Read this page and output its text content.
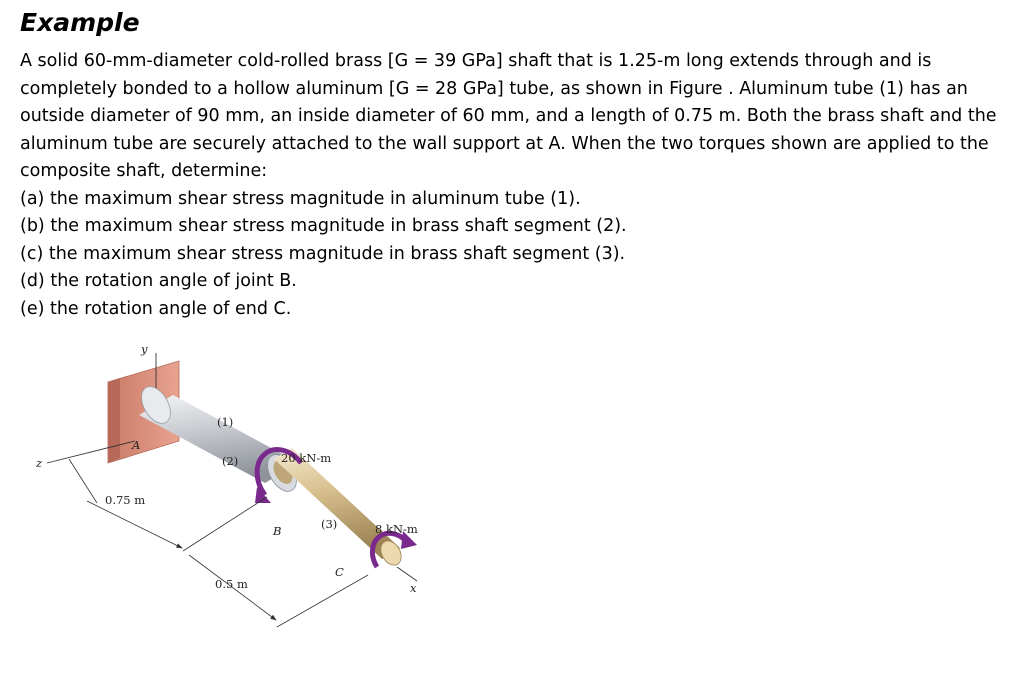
Example

A solid 60-mm-diameter cold-rolled brass [G = 39 GPa] shaft that is 1.25-m long extends through and is completely bonded to a hollow aluminum [G = 28 GPa] tube, as shown in Figure . Aluminum tube (1) has an outside diameter of 90 mm, an inside diameter of 60 mm, and a length of 0.75 m. Both the brass shaft and the aluminum tube are securely attached to the wall support at A. When the two torques shown are applied to the composite shaft, determine:

(a) the maximum shear stress magnitude in aluminum tube (1).

(b) the maximum shear stress magnitude in brass shaft segment (2).

(c) the maximum shear stress magnitude in brass shaft segment (3).

(d) the rotation angle of joint B.

(e) the rotation angle of end C.

y
z
A
x
(1)
(2)
(3)
20 kN-m
8 kN-m
B
C
0.75 m
0.5 m
